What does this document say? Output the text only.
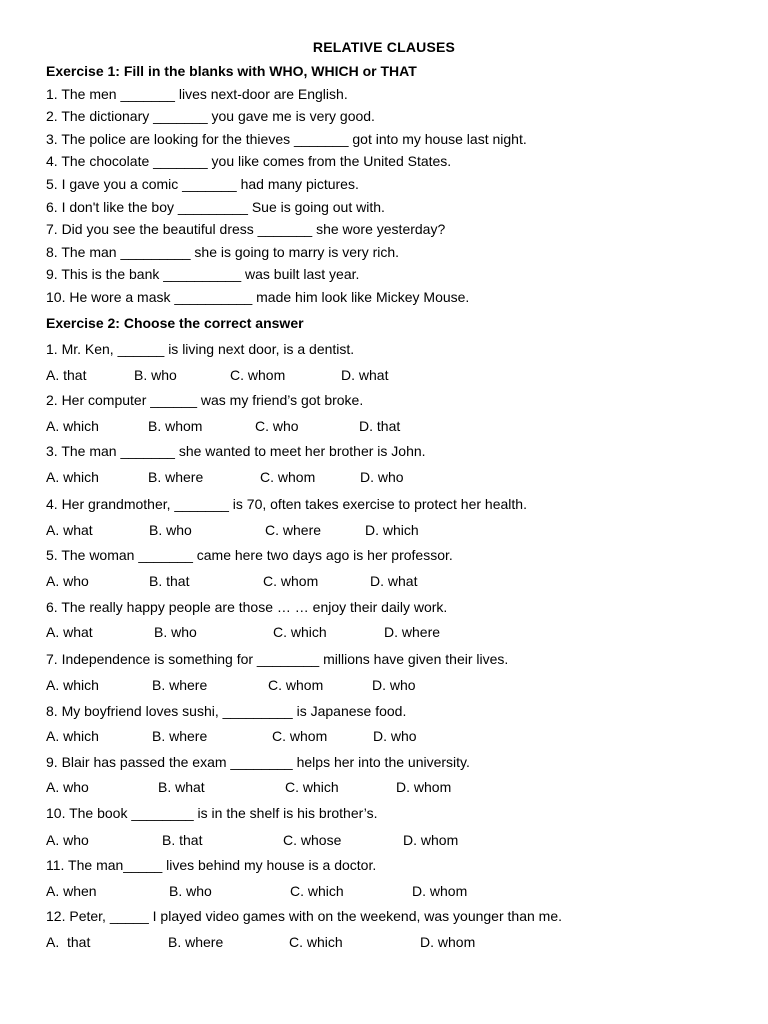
RELATIVE CLAUSES
Exercise 1: Fill in the blanks with WHO, WHICH or THAT
1. The men _______ lives next-door are English.
2. The dictionary _______ you gave me is very good.
3. The police are looking for the thieves _______ got into my house last night.
4. The chocolate _______ you like comes from the United States.
5. I gave you a comic _______ had many pictures.
6. I don't like the boy _________ Sue is going out with.
7. Did you see the beautiful dress _______ she wore yesterday?
8. The man _________ she is going to marry is very rich.
9. This is the bank __________ was built last year.
10. He wore a mask __________ made him look like Mickey Mouse.
Exercise 2: Choose the correct answer
1. Mr. Ken, ______ is living next door, is a dentist.
A. that	B. who	C. whom	D. what
2. Her computer ______ was my friend’s got broke.
A. which	B. whom	C. who	D. that
3. The man _______ she wanted to meet her brother is John.
A. which	B. where	C. whom	D. who
4. Her grandmother, _______ is 70, often takes exercise to protect her health.
A. what	B. who	C. where	D. which
5. The woman _______ came here two days ago is her professor.
A. who	B. that	C. whom	D. what
6. The really happy people are those … … enjoy their daily work.
A. what	B. who	C. which	D. where
7. Independence is something for ________ millions have given their lives.
A. which	B. where	C. whom	D. who
8. My boyfriend loves sushi, _________ is Japanese food.
A. which	B. where	C. whom	D. who
9. Blair has passed the exam ________ helps her into the university.
A. who	B. what	C. which	D. whom
10. The book ________ is in the shelf is his brother’s.
A. who	B. that	C. whose	D. whom
11. The man_____ lives behind my house is a doctor.
A. when	B. who	C. which	D. whom
12. Peter, _____ I played video games with on the weekend, was younger than me.
A.  that	B. where	C. which	D. whom
